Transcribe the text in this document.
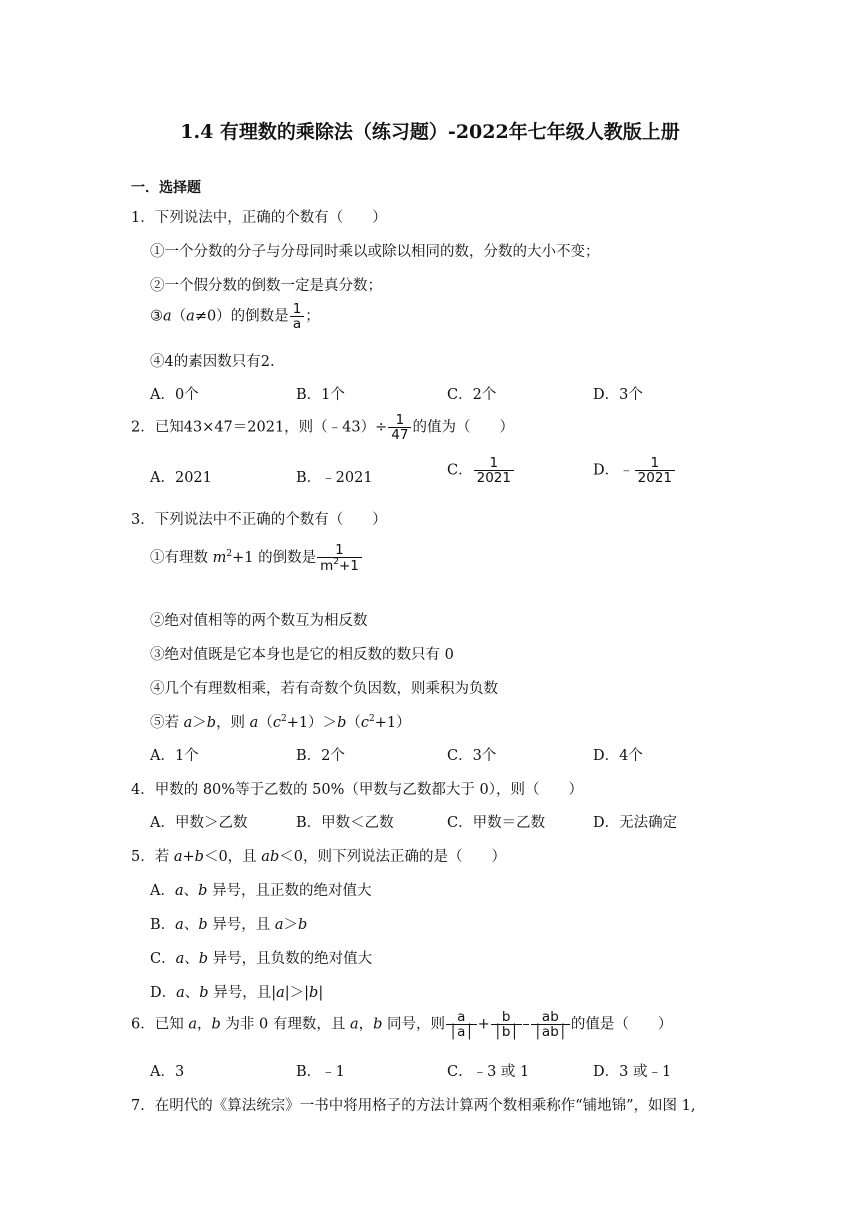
1.4 有理数的乘除法（练习题）-2022年七年级人教版上册
一．选择题
1．下列说法中，正确的个数有（　　）
①一个分数的分子与分母同时乘以或除以相同的数，分数的大小不变；
②一个假分数的倒数一定是真分数；
③a（a≠0）的倒数是 $\frac{1}{a}$ ；
④4的素因数只有2.
A．0个	B．1个	C．2个	D．3个
2．已知43×47＝2021，则（﹣43）÷ $\frac{1}{47}$ 的值为（　　）
A．2021	B．﹣2021	C． $\frac{1}{2021}$	D．﹣ $\frac{1}{2021}$
3．下列说法中不正确的个数有（　　）
①有理数 $m^2+1$ 的倒数是 $\frac{1}{m^2+1}$
②绝对值相等的两个数互为相反数
③绝对值既是它本身也是它的相反数的数只有 0
④几个有理数相乘，若有奇数个负因数，则乘积为负数
⑤若 a＞b，则 $a(c^2+1)>b(c^2+1)$
A．1个	B．2个	C．3个	D．4个
4．甲数的 80%等于乙数的 50%（甲数与乙数都大于 0），则（　　）
A．甲数＞乙数	B．甲数＜乙数	C．甲数＝乙数	D．无法确定
5．若 a+b＜0，且 ab＜0，则下列说法正确的是（　　）
A．a、b 异号，且正数的绝对值大
B．a、b 异号，且 a＞b
C．a、b 异号，且负数的绝对值大
D．a、b 异号，且|a|＞|b|
6．已知 a，b 为非 0 有理数，且 a，b 同号，则 $\frac{a}{│a│} + \frac{b}{│b│} - \frac{ab}{│ab│}$ 的值是（　　）
A．3	B．﹣1	C．﹣3 或 1	D．3 或﹣1
7．在明代的《算法统宗》一书中将用格子的方法计算两个数相乘称作“铺地锦”，如图 1,
